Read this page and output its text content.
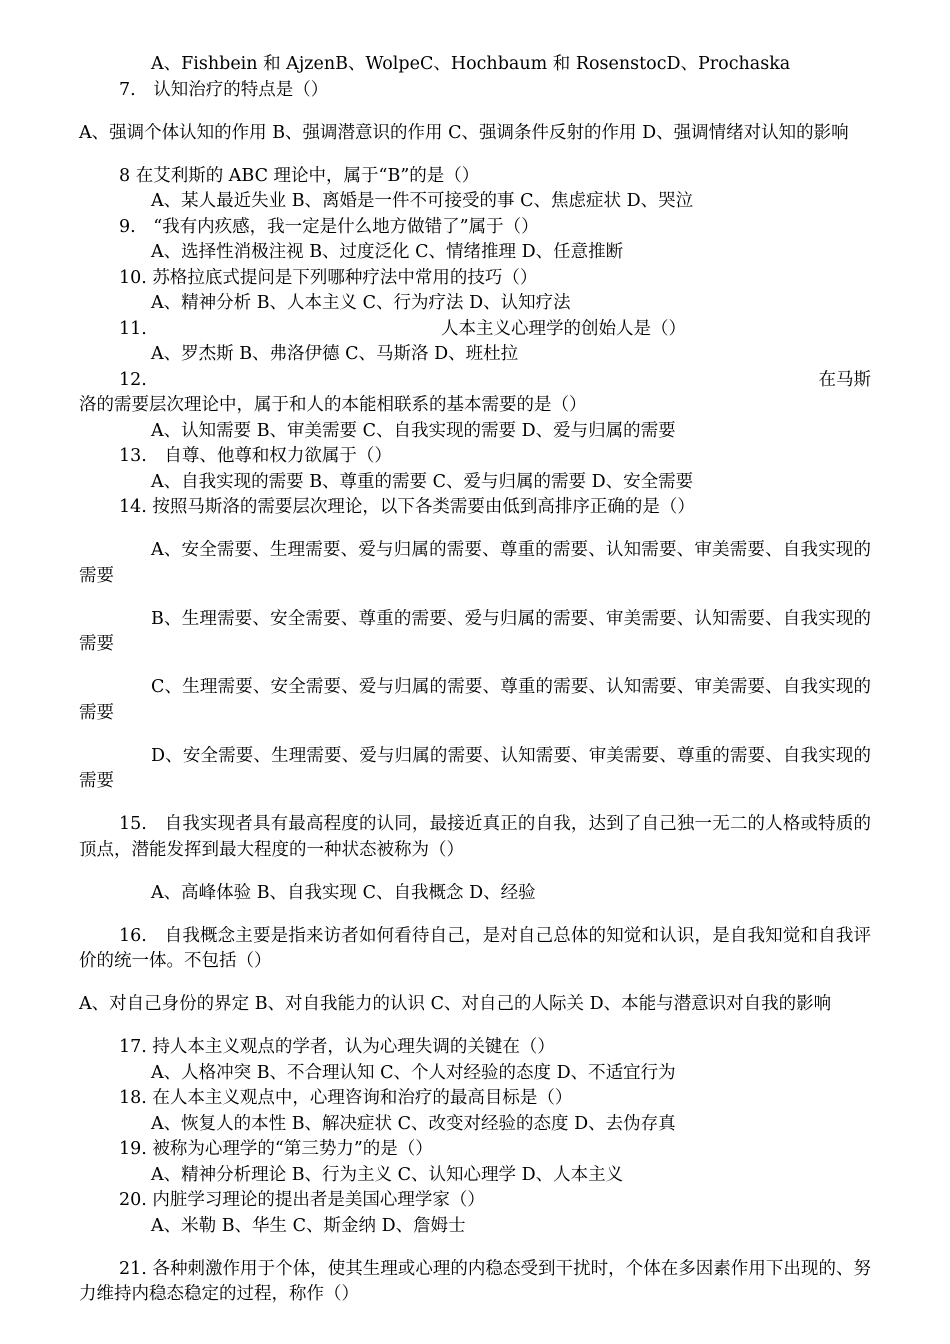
A、Fishbein 和 AjzenB、WolpeC、Hochbaum 和 RosenstocD、Prochaska

7.　认知治疗的特点是（）

A、强调个体认知的作用 B、强调潜意识的作用 C、强调条件反射的作用 D、强调情绪对认知的影响

8 在艾利斯的 ABC 理论中，属于“B”的是（）

A、某人最近失业 B、离婚是一件不可接受的事 C、焦虑症状 D、哭泣

9.　“我有内疚感，我一定是什么地方做错了”属于（）

A、选择性消极注视 B、过度泛化 C、情绪推理 D、任意推断

10. 苏格拉底式提问是下列哪种疗法中常用的技巧（）

A、精神分析 B、人本主义 C、行为疗法 D、认知疗法

11.	人本主义心理学的创始人是（）

A、罗杰斯 B、弗洛伊德 C、马斯洛 D、班杜拉

12.	在马斯

洛的需要层次理论中，属于和人的本能相联系的基本需要的是（）

A、认知需要 B、审美需要 C、自我实现的需要 D、爱与归属的需要

13.　自尊、他尊和权力欲属于（）

A、自我实现的需要 B、尊重的需要 C、爱与归属的需要 D、安全需要

14. 按照马斯洛的需要层次理论，以下各类需要由低到高排序正确的是（）

A、安全需要、生理需要、爱与归属的需要、尊重的需要、认知需要、审美需要、自我实现的需要

B、生理需要、安全需要、尊重的需要、爱与归属的需要、审美需要、认知需要、自我实现的需要

C、生理需要、安全需要、爱与归属的需要、尊重的需要、认知需要、审美需要、自我实现的需要

D、安全需要、生理需要、爱与归属的需要、认知需要、审美需要、尊重的需要、自我实现的需要

15.　自我实现者具有最高程度的认同，最接近真正的自我，达到了自己独一无二的人格或特质的顶点，潜能发挥到最大程度的一种状态被称为（）

A、高峰体验 B、自我实现 C、自我概念 D、经验

16.　自我概念主要是指来访者如何看待自己，是对自己总体的知觉和认识，是自我知觉和自我评价的统一体。不包括（）

A、对自己身份的界定 B、对自我能力的认识 C、对自己的人际关 D、本能与潜意识对自我的影响

17. 持人本主义观点的学者，认为心理失调的关键在（）

A、人格冲突 B、不合理认知 C、个人对经验的态度 D、不适宜行为

18. 在人本主义观点中，心理咨询和治疗的最高目标是（）

A、恢复人的本性 B、解决症状 C、改变对经验的态度 D、去伪存真

19. 被称为心理学的“第三势力”的是（）

A、精神分析理论 B、行为主义 C、认知心理学 D、人本主义

20. 内脏学习理论的提出者是美国心理学家（）

A、米勒 B、华生 C、斯金纳 D、詹姆士

21. 各种刺激作用于个体，使其生理或心理的内稳态受到干扰时，个体在多因素作用下出现的、努力维持内稳态稳定的过程，称作（）
